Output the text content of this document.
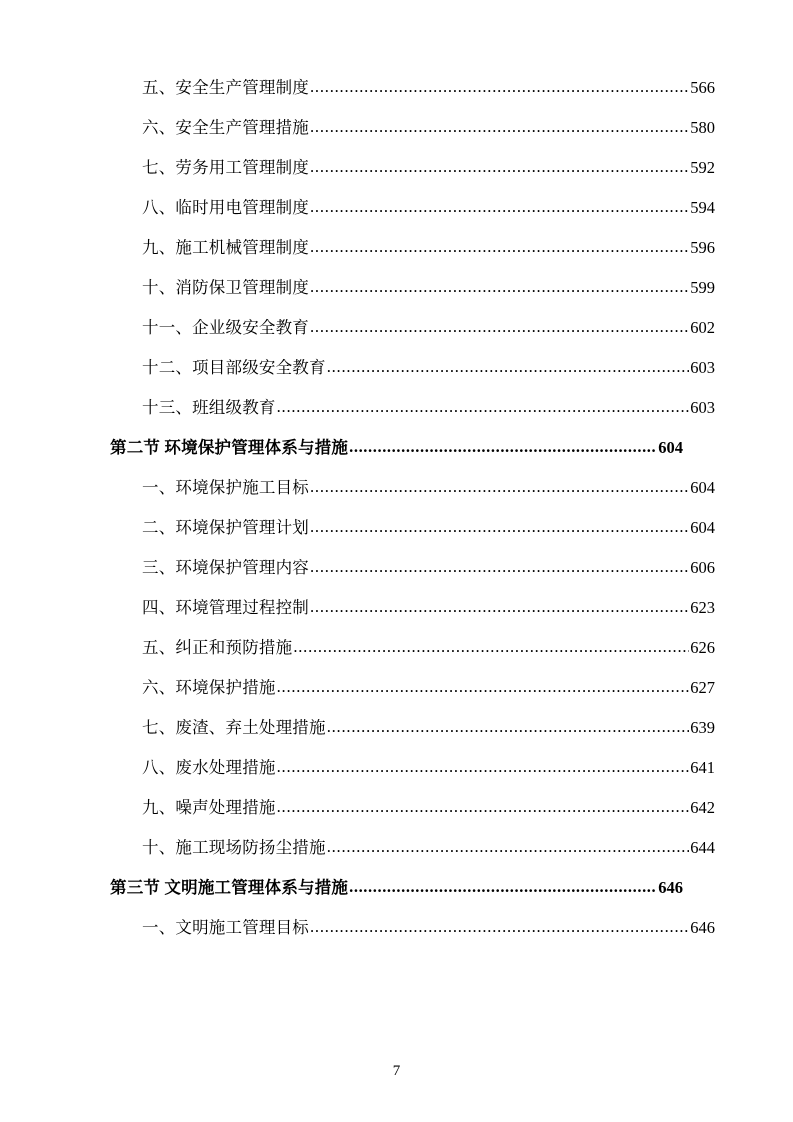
五、安全生产管理制度 .....	566
六、安全生产管理措施 .....	580
七、劳务用工管理制度 .....	592
八、临时用电管理制度 .....	594
九、施工机械管理制度 .....	596
十、消防保卫管理制度 .....	599
十一、企业级安全教育 .....	602
十二、项目部级安全教育 .....	603
十三、班组级教育 .....	603
第二节 环境保护管理体系与措施 .....	604
一、环境保护施工目标 .....	604
二、环境保护管理计划 .....	604
三、环境保护管理内容 .....	606
四、环境管理过程控制 .....	623
五、纠正和预防措施 .....	626
六、环境保护措施 .....	627
七、废渣、弃土处理措施 .....	639
八、废水处理措施 .....	641
九、噪声处理措施 .....	642
十、施工现场防扬尘措施 .....	644
第三节 文明施工管理体系与措施 .....	646
一、文明施工管理目标 .....	646
7
